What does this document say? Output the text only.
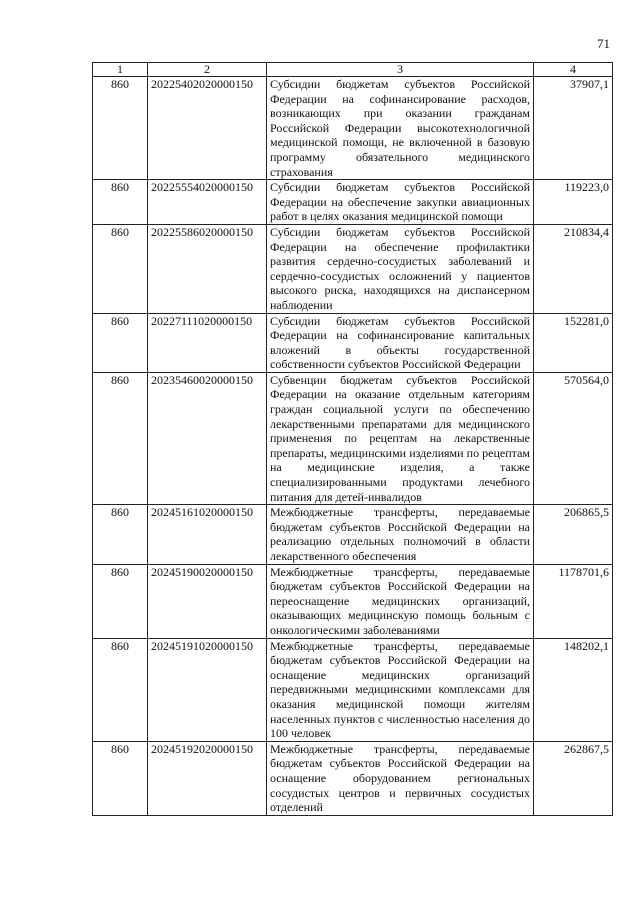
71
1	2	3	4
860	20225402020000150	Субсидии бюджетам субъектов Российской Федерации на софинансирование расходов, возникающих при оказании гражданам Российской Федерации высокотехнологичной медицинской помощи, не включенной в базовую программу обязательного медицинского страхования	37907,1
860	20225554020000150	Субсидии бюджетам субъектов Российской Федерации на обеспечение закупки авиационных работ в целях оказания медицинской помощи	119223,0
860	20225586020000150	Субсидии бюджетам субъектов Российской Федерации на обеспечение профилактики развития сердечно-сосудистых заболеваний и сердечно-сосудистых осложнений у пациентов высокого риска, находящихся на диспансерном наблюдении	210834,4
860	20227111020000150	Субсидии бюджетам субъектов Российской Федерации на софинансирование капитальных вложений в объекты государственной собственности субъектов Российской Федерации	152281,0
860	20235460020000150	Субвенции бюджетам субъектов Российской Федерации на оказание отдельным категориям граждан социальной услуги по обеспечению лекарственными препаратами для медицинского применения по рецептам на лекарственные препараты, медицинскими изделиями по рецептам на медицинские изделия, а также специализированными продуктами лечебного питания для детей-инвалидов	570564,0
860	20245161020000150	Межбюджетные трансферты, передаваемые бюджетам субъектов Российской Федерации на реализацию отдельных полномочий в области лекарственного обеспечения	206865,5
860	20245190020000150	Межбюджетные трансферты, передаваемые бюджетам субъектов Российской Федерации на переоснащение медицинских организаций, оказывающих медицинскую помощь больным с онкологическими заболеваниями	1178701,6
860	20245191020000150	Межбюджетные трансферты, передаваемые бюджетам субъектов Российской Федерации на оснащение медицинских организаций передвижными медицинскими комплексами для оказания медицинской помощи жителям населенных пунктов с численностью населения до 100 человек	148202,1
860	20245192020000150	Межбюджетные трансферты, передаваемые бюджетам субъектов Российской Федерации на оснащение оборудованием региональных сосудистых центров и первичных сосудистых отделений	262867,5
